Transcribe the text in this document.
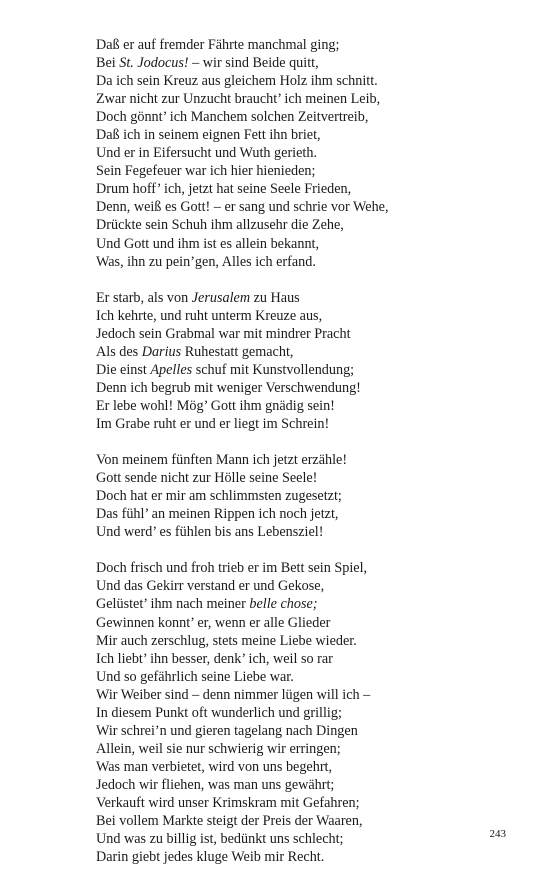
Daß er auf fremder Fährte manchmal ging;
Bei St. Jodocus! – wir sind Beide quitt,
Da ich sein Kreuz aus gleichem Holz ihm schnitt.
Zwar nicht zur Unzucht braucht’ ich meinen Leib,
Doch gönnt’ ich Manchem solchen Zeitvertreib,
Daß ich in seinem eignen Fett ihn briet,
Und er in Eifersucht und Wuth gerieth.
Sein Fegefeuer war ich hier hienieden;
Drum hoff’ ich, jetzt hat seine Seele Frieden,
Denn, weiß es Gott! – er sang und schrie vor Wehe,
Drückte sein Schuh ihm allzusehr die Zehe,
Und Gott und ihm ist es allein bekannt,
Was, ihn zu pein’gen, Alles ich erfand.
Er starb, als von Jerusalem zu Haus
Ich kehrte, und ruht unterm Kreuze aus,
Jedoch sein Grabmal war mit mindrer Pracht
Als des Darius Ruhestatt gemacht,
Die einst Apelles schuf mit Kunstvollendung;
Denn ich begrub mit weniger Verschwendung!
Er lebe wohl! Mög’ Gott ihm gnädig sein!
Im Grabe ruht er und er liegt im Schrein!
Von meinem fünften Mann ich jetzt erzähle!
Gott sende nicht zur Hölle seine Seele!
Doch hat er mir am schlimmsten zugesetzt;
Das fühl’ an meinen Rippen ich noch jetzt,
Und werd’ es fühlen bis ans Lebensziel!
Doch frisch und froh trieb er im Bett sein Spiel,
Und das Gekirr verstand er und Gekose,
Gelüstet’ ihm nach meiner belle chose;
Gewinnen konnt’ er, wenn er alle Glieder
Mir auch zerschlug, stets meine Liebe wieder.
Ich liebt’ ihn besser, denk’ ich, weil so rar
Und so gefährlich seine Liebe war.
Wir Weiber sind – denn nimmer lügen will ich –
In diesem Punkt oft wunderlich und grillig;
Wir schrei’n und gieren tagelang nach Dingen
Allein, weil sie nur schwierig wir erringen;
Was man verbietet, wird von uns begehrt,
Jedoch wir fliehen, was man uns gewährt;
Verkauft wird unser Krimskram mit Gefahren;
Bei vollem Markte steigt der Preis der Waaren,
Und was zu billig ist, bedünkt uns schlecht;
Darin giebt jedes kluge Weib mir Recht.
243
